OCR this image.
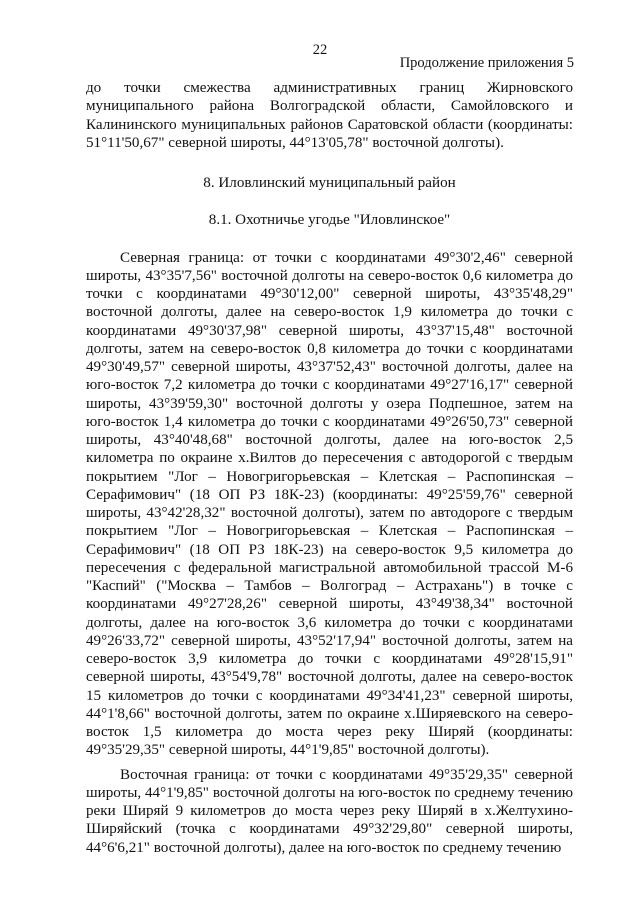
22
Продолжение приложения 5

до точки смежества административных границ Жирновского муниципального района Волгоградской области, Самойловского и Калининского муниципальных районов Саратовской области (координаты: 51°11'50,67" северной широты, 44°13'05,78" восточной долготы).

8. Иловлинский муниципальный район

8.1. Охотничье угодье "Иловлинское"

Северная граница: от точки с координатами 49°30'2,46" северной широты, 43°35'7,56" восточной долготы на северо-восток 0,6 километра до точки с координатами 49°30'12,00" северной широты, 43°35'48,29" восточной долготы, далее на северо-восток 1,9 километра до точки с координатами 49°30'37,98" северной широты, 43°37'15,48" восточной долготы, затем на северо-восток 0,8 километра до точки с координатами 49°30'49,57" северной широты, 43°37'52,43" восточной долготы, далее на юго-восток 7,2 километра до точки с координатами 49°27'16,17" северной широты, 43°39'59,30" восточной долготы у озера Подпешное, затем на юго-восток 1,4 километра до точки с координатами 49°26'50,73" северной широты, 43°40'48,68" восточной долготы, далее на юго-восток 2,5 километра по окраине х.Вилтов до пересечения с автодорогой с твердым покрытием "Лог – Новогригорьевская – Клетская – Распопинская – Серафимович" (18 ОП РЗ 18К-23) (координаты: 49°25'59,76" северной широты, 43°42'28,32" восточной долготы), затем по автодороге с твердым покрытием "Лог – Новогригорьевская – Клетская – Распопинская – Серафимович" (18 ОП РЗ 18К-23) на северо-восток 9,5 километра до пересечения с федеральной магистральной автомобильной трассой М-6 "Каспий" ("Москва – Тамбов – Волгоград – Астрахань") в точке с координатами 49°27'28,26" северной широты, 43°49'38,34" восточной долготы, далее на юго-восток 3,6 километра до точки с координатами 49°26'33,72" северной широты, 43°52'17,94" восточной долготы, затем на северо-восток 3,9 километра до точки с координатами 49°28'15,91" северной широты, 43°54'9,78" восточной долготы, далее на северо-восток 15 километров до точки с координатами 49°34'41,23" северной широты, 44°1'8,66" восточной долготы, затем по окраине х.Ширяевского на северо-восток 1,5 километра до моста через реку Ширяй (координаты: 49°35'29,35" северной широты, 44°1'9,85" восточной долготы).

Восточная граница: от точки с координатами 49°35'29,35" северной широты, 44°1'9,85" восточной долготы на юго-восток по среднему течению реки Ширяй 9 километров до моста через реку Ширяй в х.Желтухино-Ширяйский (точка с координатами 49°32'29,80" северной широты, 44°6'6,21" восточной долготы), далее на юго-восток по среднему течению
